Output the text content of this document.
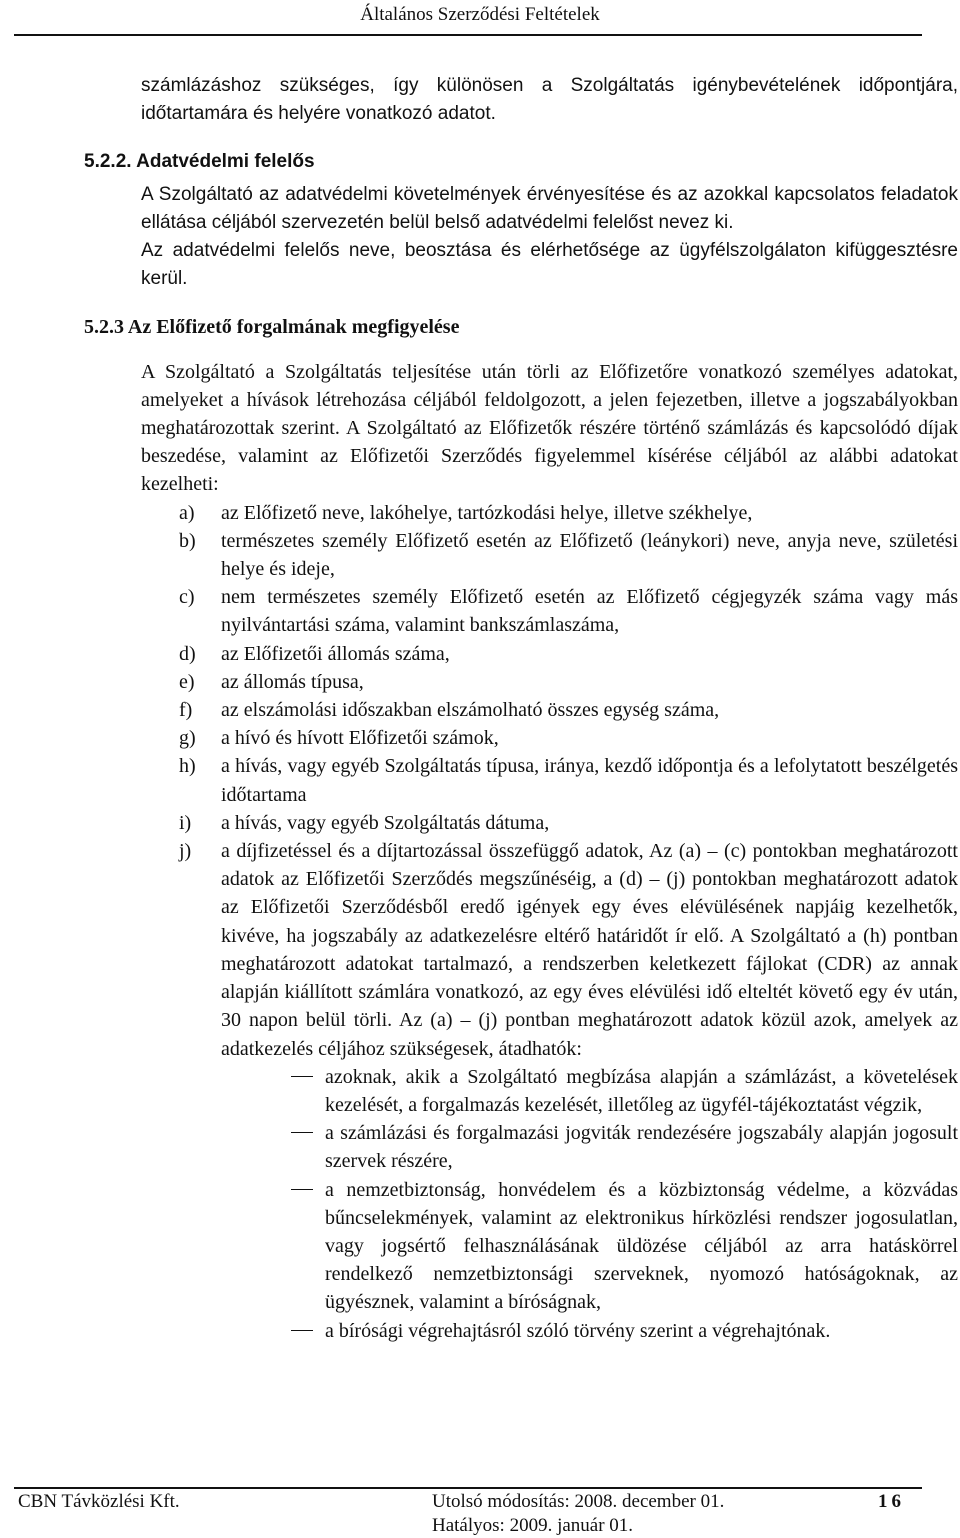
Általános Szerződési Feltételek

számlázáshoz szükséges, így különösen a Szolgáltatás igénybevételének időpontjára, időtartamára és helyére vonatkozó adatot.

5.2.2. Adatvédelmi felelős

A Szolgáltató az adatvédelmi követelmények érvényesítése és az azokkal kapcsolatos feladatok ellátása céljából szervezetén belül belső adatvédelmi felelőst nevez ki.

Az adatvédelmi felelős neve, beosztása és elérhetősége az ügyfélszolgálaton kifüggesztésre kerül.

5.2.3 Az Előfizető forgalmának megfigyelése

A Szolgáltató a Szolgáltatás teljesítése után törli az Előfizetőre vonatkozó személyes adatokat, amelyeket a hívások létrehozása céljából feldolgozott, a jelen fejezetben, illetve a jogszabályokban meghatározottak szerint. A Szolgáltató az Előfizetők részére történő számlázás és kapcsolódó díjak beszedése, valamint az Előfizetői Szerződés figyelemmel kísérése céljából az alábbi adatokat kezelheti:

a) az Előfizető neve, lakóhelye, tartózkodási helye, illetve székhelye,
b) természetes személy Előfizető esetén az Előfizető (leánykori) neve, anyja neve, születési helye és ideje,
c) nem természetes személy Előfizető esetén az Előfizető cégjegyzék száma vagy más nyilvántartási száma, valamint bankszámlaszáma,
d) az Előfizetői állomás száma,
e) az állomás típusa,
f) az elszámolási időszakban elszámolható összes egység száma,
g) a hívó és hívott Előfizetői számok,
h) a hívás, vagy egyéb Szolgáltatás típusa, iránya, kezdő időpontja és a lefolytatott beszélgetés időtartama
i) a hívás, vagy egyéb Szolgáltatás dátuma,
j) a díjfizetéssel és a díjtartozással összefüggő adatok, Az (a) – (c) pontokban meghatározott adatok az Előfizetői Szerződés megszűnéséig, a (d) – (j) pontokban meghatározott adatok az Előfizetői Szerződésből eredő igények egy éves elévülésének napjáig kezelhetők, kivéve, ha jogszabály az adatkezelésre eltérő határidőt ír elő. A Szolgáltató a (h) pontban meghatározott adatokat tartalmazó, a rendszerben keletkezett fájlokat (CDR) az annak alapján kiállított számlára vonatkozó, az egy éves elévülési idő elteltét követő egy év után, 30 napon belül törli. Az (a) – (j) pontban meghatározott adatok közül azok, amelyek az adatkezelés céljához szükségesek, átadhatók:
azoknak, akik a Szolgáltató megbízása alapján a számlázást, a követelések kezelését, a forgalmazás kezelését, illetőleg az ügyfél-tájékoztatást végzik,
a számlázási és forgalmazási jogviták rendezésére jogszabály alapján jogosult szervek részére,
a nemzetbiztonság, honvédelem és a közbiztonság védelme, a közvádas bűncselekmények, valamint az elektronikus hírközlési rendszer jogosulatlan, vagy jogsértő felhasználásának üldözése céljából az arra hatáskörrel rendelkező nemzetbiztonsági szerveknek, nyomozó hatóságoknak, az ügyésznek, valamint a bíróságnak,
a bírósági végrehajtásról szóló törvény szerint a végrehajtónak.
CBN Távközlési Kft.	Utolsó módosítás: 2008. december 01.	16
Hatályos: 2009. január 01.
